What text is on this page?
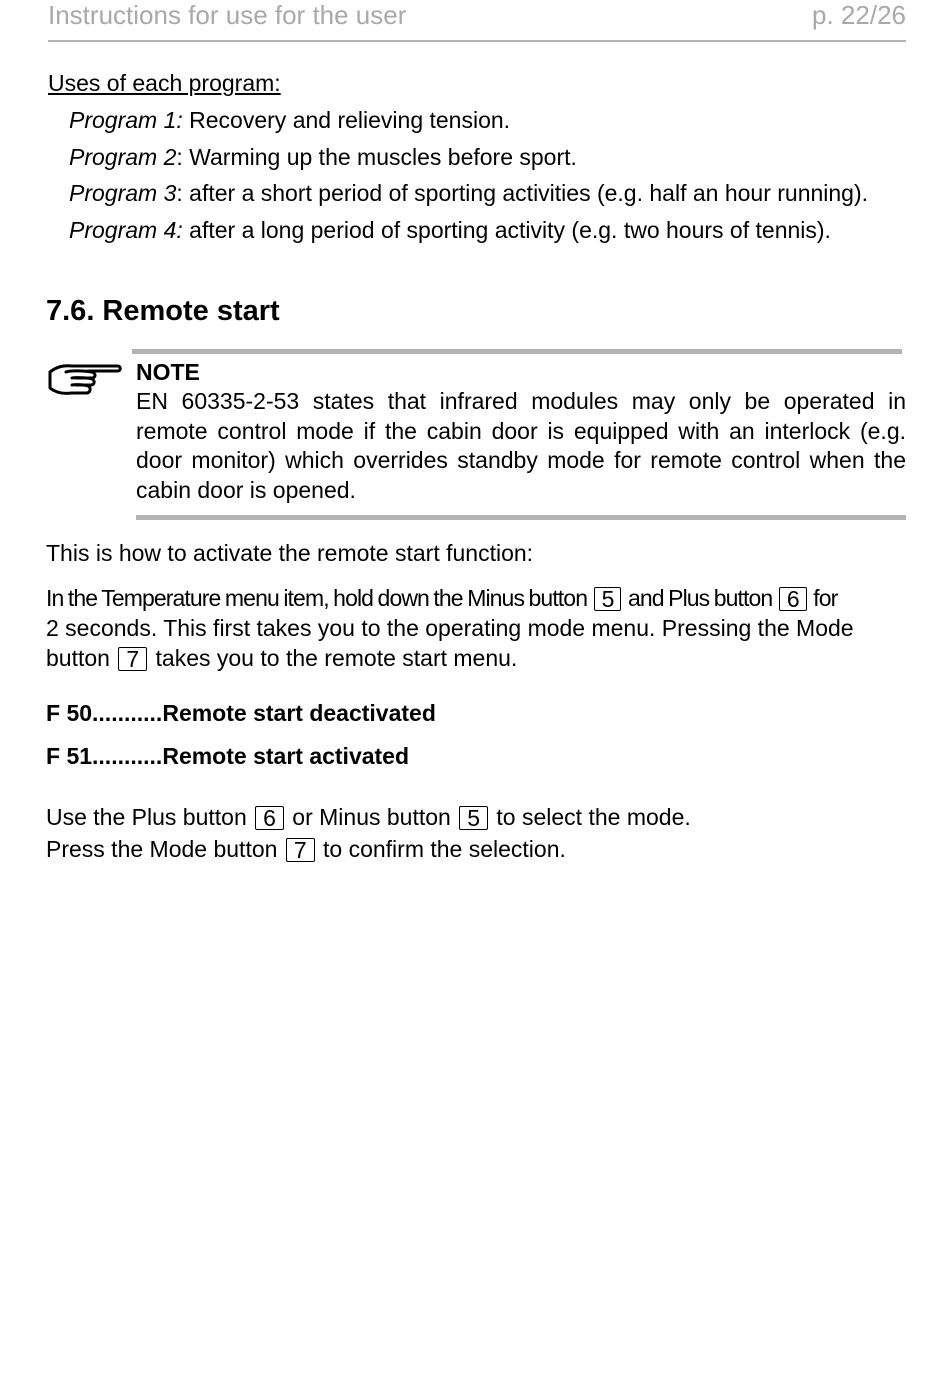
Instructions for use for the user	p. 22/26
Uses of each program:
Program 1: Recovery and relieving tension.
Program 2: Warming up the muscles before sport.
Program 3: after a short period of sporting activities (e.g. half an hour running).
Program 4: after a long period of sporting activity (e.g. two hours of tennis).
7.6. Remote start
NOTE
EN 60335-2-53 states that infrared modules may only be operated in remote control mode if the cabin door is equipped with an interlock (e.g. door monitor) which overrides standby mode for remote control when the cabin door is opened.
This is how to activate the remote start function:
In the Temperature menu item, hold down the Minus button 5 and Plus button 6 for
2 seconds. This first takes you to the operating mode menu. Pressing the Mode
button 7 takes you to the remote start menu.
F 50...........Remote start deactivated
F 51...........Remote start activated
Use the Plus button 6 or Minus button 5 to select the mode.
Press the Mode button 7 to confirm the selection.
